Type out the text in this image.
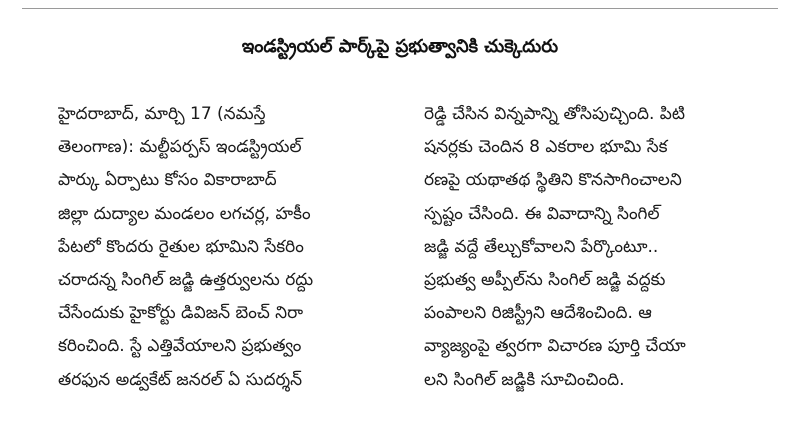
ఇండస్ట్రియల్ పార్క్‌పై ప్రభుత్వానికి చుక్కెదురు
హైదరాబాద్, మార్చి 17 (నమస్తే
తెలంగాణ): మల్టీపర్పస్ ఇండస్ట్రియల్
పార్కు ఏర్పాటు కోసం వికారాబాద్
జిల్లా దుద్యాల మండలం లగచర్ల, హకీం
పేటలో కొందరు రైతుల భూమిని సేకరిం
చరాదన్న సింగిల్ జడ్జి ఉత్తర్వులను రద్దు
చేసేందుకు హైకోర్టు డివిజన్ బెంచ్ నిరా
కరించింది. స్టే ఎత్తివేయాలని ప్రభుత్వం
తరఫున అడ్వకేట్ జనరల్ ఏ సుదర్శన్
రెడ్డి చేసిన విన్నపాన్ని తోసిపుచ్చింది. పిటి
షనర్లకు చెందిన 8 ఎకరాల భూమి సేక
రణపై యథాతథ స్థితిని కొనసాగించాలని
స్పష్టం చేసింది. ఈ వివాదాన్ని సింగిల్
జడ్జి వద్దే తేల్చుకోవాలని పేర్కొంటూ..
ప్రభుత్వ అప్పీల్‌ను సింగిల్ జడ్జి వద్దకు
పంపాలని రిజిస్ట్రీని ఆదేశించింది. ఆ
వ్యాజ్యంపై త్వరగా విచారణ పూర్తి చేయా
లని సింగిల్ జడ్జికి సూచించింది.
